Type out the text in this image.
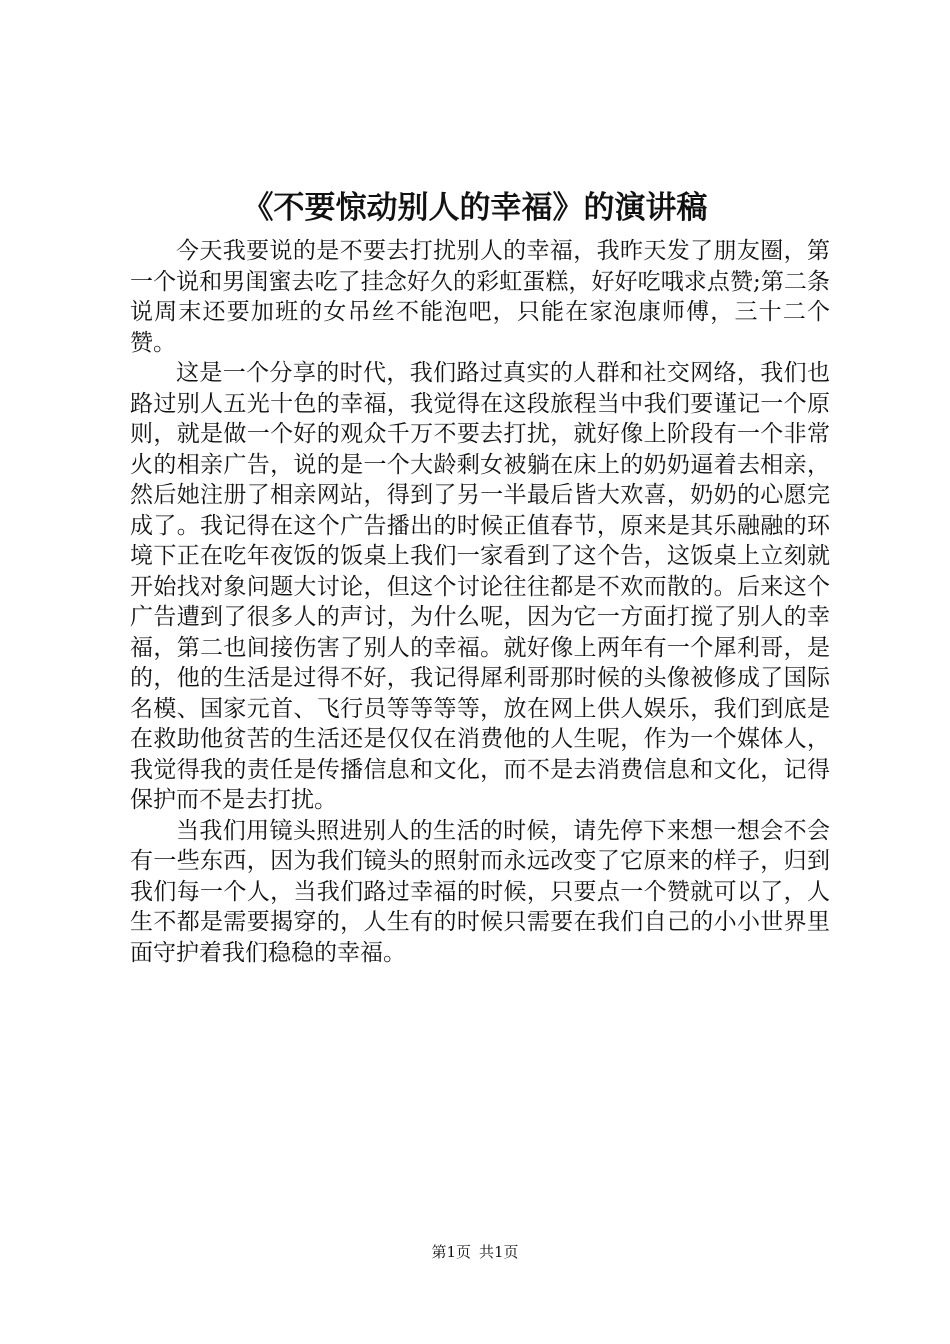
《不要惊动别人的幸福》的演讲稿

今天我要说的是不要去打扰别人的幸福，我昨天发了朋友圈，第一个说和男闺蜜去吃了挂念好久的彩虹蛋糕，好好吃哦求点赞;第二条说周末还要加班的女吊丝不能泡吧，只能在家泡康师傅，三十二个赞。

这是一个分享的时代，我们路过真实的人群和社交网络，我们也路过别人五光十色的幸福，我觉得在这段旅程当中我们要谨记一个原则，就是做一个好的观众千万不要去打扰，就好像上阶段有一个非常火的相亲广告，说的是一个大龄剩女被躺在床上的奶奶逼着去相亲，然后她注册了相亲网站，得到了另一半最后皆大欢喜，奶奶的心愿完成了。我记得在这个广告播出的时候正值春节，原来是其乐融融的环境下正在吃年夜饭的饭桌上我们一家看到了这个告，这饭桌上立刻就开始找对象问题大讨论，但这个讨论往往都是不欢而散的。后来这个广告遭到了很多人的声讨，为什么呢，因为它一方面打搅了别人的幸福，第二也间接伤害了别人的幸福。就好像上两年有一个犀利哥，是的，他的生活是过得不好，我记得犀利哥那时候的头像被修成了国际名模、国家元首、飞行员等等等等，放在网上供人娱乐，我们到底是在救助他贫苦的生活还是仅仅在消费他的人生呢，作为一个媒体人，我觉得我的责任是传播信息和文化，而不是去消费信息和文化，记得保护而不是去打扰。

当我们用镜头照进别人的生活的时候，请先停下来想一想会不会有一些东西，因为我们镜头的照射而永远改变了它原来的样子，归到我们每一个人，当我们路过幸福的时候，只要点一个赞就可以了，人生不都是需要揭穿的，人生有的时候只需要在我们自己的小小世界里面守护着我们稳稳的幸福。

第1页 共1页
